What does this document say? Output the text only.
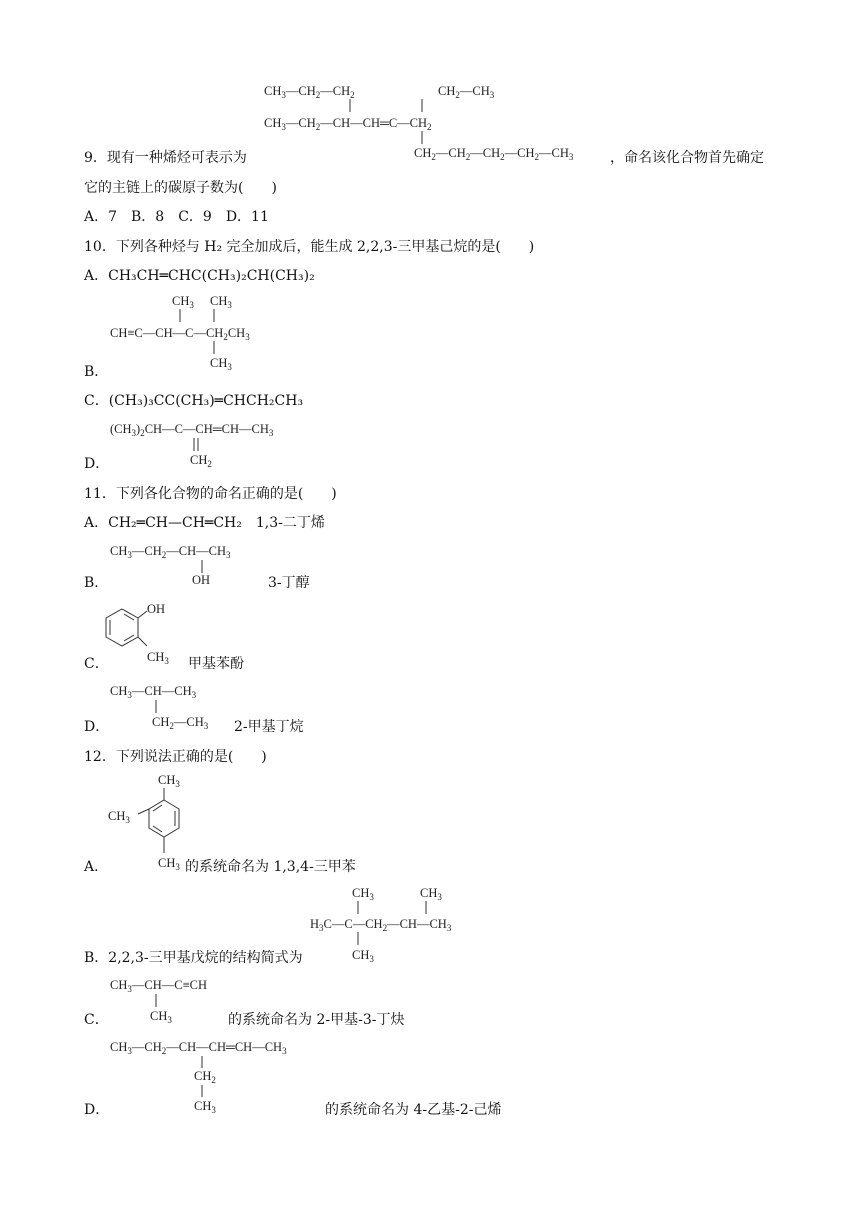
$CH_3—CH_2—CH_2$	$CH_2—CH_3$
$CH_3—CH_2—CH—CH═C—CH_2$
$CH_2—CH_2—CH_2—CH_2—CH_3$
9．现有一种烯烃可表示为	，命名该化合物首先确定
它的主链上的碳原子数为(　　)
A．7　B．8　C．9　D．11
10．下列各种烃与 H₂ 完全加成后，能生成 2,2,3-三甲基己烷的是(　　)
A．CH₃CH═CHC(CH₃)₂CH(CH₃)₂
$CH_3$ $CH_3$
$CH\equiv C—CH—C—CH_2CH_3$
$CH_3$
B．
C．(CH₃)₃CC(CH₃)═CHCH₂CH₃
$(CH_3)_2CH—C—CH═CH—CH_3$
$CH_2$
D．
11．下列各化合物的命名正确的是(　　)
A．CH₂═CH—CH═CH₂　1,3-二丁烯
$CH_3—CH_2—CH—CH_3$
OH
B．	3-丁醇
OH
$CH_3$
C．	甲基苯酚
$CH_3—CH—CH_3$
$CH_2—CH_3$
D．	2-甲基丁烷
12．下列说法正确的是(　　)
$CH_3$
$CH_3$
$CH_3$
A．	的系统命名为 1,3,4-三甲苯
$CH_3$	$CH_3$
$H_3C—C—CH_2—CH—CH_3$
$CH_3$
B．2,2,3-三甲基戊烷的结构简式为
$CH_3—CH—C\equiv CH$
$CH_3$
C．	的系统命名为 2-甲基-3-丁炔
$CH_3—CH_2—CH—CH═CH—CH_3$
$CH_2$
$CH_3$
D．	的系统命名为 4-乙基-2-己烯
